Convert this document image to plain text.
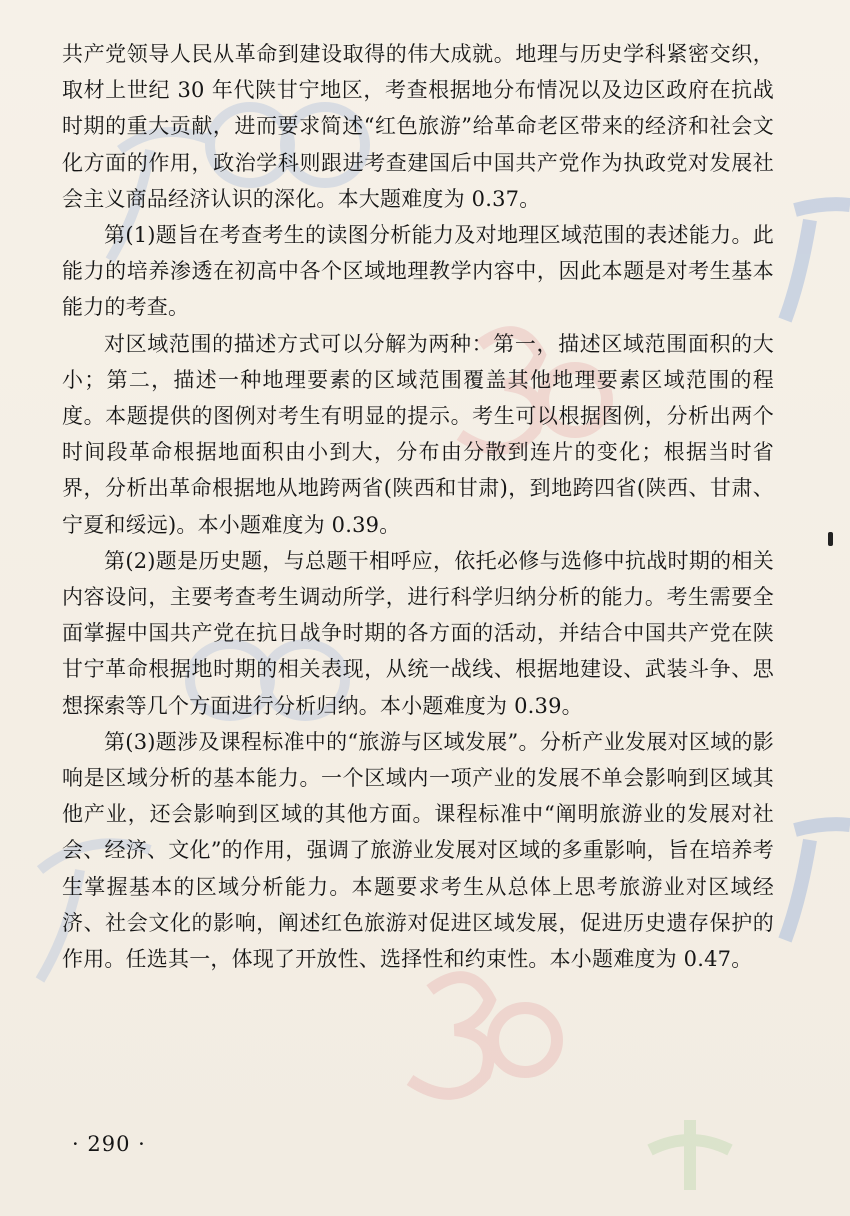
共产党领导人民从革命到建设取得的伟大成就。地理与历史学科紧密交织，取材上世纪 30 年代陕甘宁地区，考查根据地分布情况以及边区政府在抗战时期的重大贡献，进而要求简述“红色旅游”给革命老区带来的经济和社会文化方面的作用，政治学科则跟进考查建国后中国共产党作为执政党对发展社会主义商品经济认识的深化。本大题难度为 0.37。

第(1)题旨在考查考生的读图分析能力及对地理区域范围的表述能力。此能力的培养渗透在初高中各个区域地理教学内容中，因此本题是对考生基本能力的考查。

对区域范围的描述方式可以分解为两种：第一，描述区域范围面积的大小；第二，描述一种地理要素的区域范围覆盖其他地理要素区域范围的程度。本题提供的图例对考生有明显的提示。考生可以根据图例，分析出两个时间段革命根据地面积由小到大，分布由分散到连片的变化；根据当时省界，分析出革命根据地从地跨两省(陕西和甘肃)，到地跨四省(陕西、甘肃、宁夏和绥远)。本小题难度为 0.39。

第(2)题是历史题，与总题干相呼应，依托必修与选修中抗战时期的相关内容设问，主要考查考生调动所学，进行科学归纳分析的能力。考生需要全面掌握中国共产党在抗日战争时期的各方面的活动，并结合中国共产党在陕甘宁革命根据地时期的相关表现，从统一战线、根据地建设、武装斗争、思想探索等几个方面进行分析归纳。本小题难度为 0.39。

第(3)题涉及课程标准中的“旅游与区域发展”。分析产业发展对区域的影响是区域分析的基本能力。一个区域内一项产业的发展不单会影响到区域其他产业，还会影响到区域的其他方面。课程标准中“阐明旅游业的发展对社会、经济、文化”的作用，强调了旅游业发展对区域的多重影响，旨在培养考生掌握基本的区域分析能力。本题要求考生从总体上思考旅游业对区域经济、社会文化的影响，阐述红色旅游对促进区域发展，促进历史遗存保护的作用。任选其一，体现了开放性、选择性和约束性。本小题难度为 0.47。

· 290 ·
